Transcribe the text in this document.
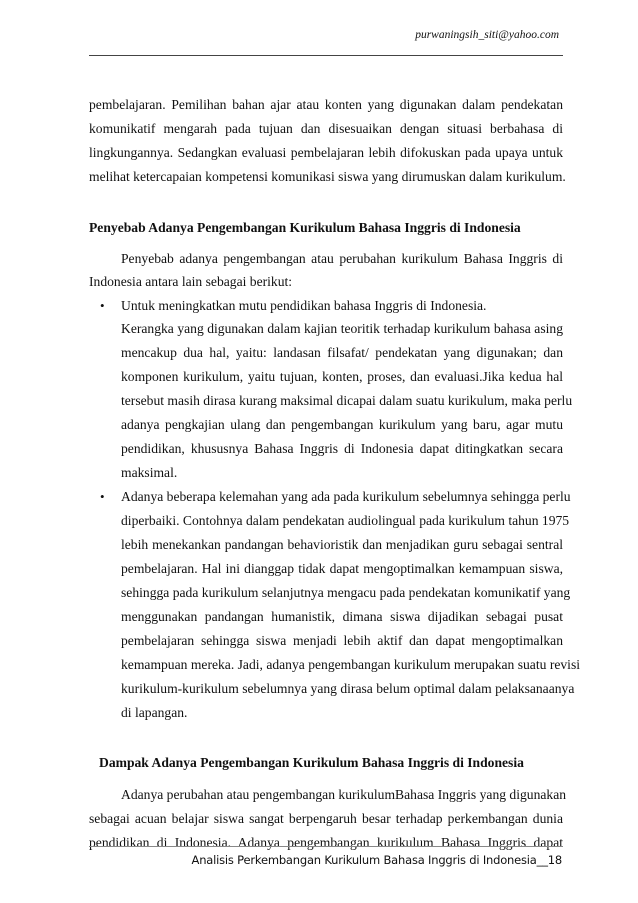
purwaningsih_siti@yahoo.com
pembelajaran. Pemilihan bahan ajar atau konten yang digunakan dalam pendekatan
komunikatif mengarah pada tujuan dan disesuaikan dengan situasi berbahasa di
lingkungannya. Sedangkan evaluasi pembelajaran lebih difokuskan pada upaya untuk
melihat ketercapaian kompetensi komunikasi siswa yang dirumuskan dalam kurikulum.
Penyebab Adanya Pengembangan Kurikulum Bahasa Inggris di Indonesia
Penyebab adanya pengembangan atau perubahan kurikulum Bahasa Inggris di
Indonesia antara lain sebagai berikut:
• Untuk meningkatkan mutu pendidikan bahasa Inggris di Indonesia.
Kerangka yang digunakan dalam kajian teoritik terhadap kurikulum bahasa asing
mencakup dua hal, yaitu: landasan filsafat/ pendekatan yang digunakan; dan
komponen kurikulum, yaitu tujuan, konten, proses, dan evaluasi.Jika kedua hal
tersebut masih dirasa kurang maksimal dicapai dalam suatu kurikulum, maka perlu
adanya pengkajian ulang dan pengembangan kurikulum yang baru, agar mutu
pendidikan, khususnya Bahasa Inggris di Indonesia dapat ditingkatkan secara
maksimal.
• Adanya beberapa kelemahan yang ada pada kurikulum sebelumnya sehingga perlu
diperbaiki. Contohnya dalam pendekatan audiolingual pada kurikulum tahun 1975
lebih menekankan pandangan behavioristik dan menjadikan guru sebagai sentral
pembelajaran. Hal ini dianggap tidak dapat mengoptimalkan kemampuan siswa,
sehingga pada kurikulum selanjutnya mengacu pada pendekatan komunikatif yang
menggunakan pandangan humanistik, dimana siswa dijadikan sebagai pusat
pembelajaran sehingga siswa menjadi lebih aktif dan dapat mengoptimalkan
kemampuan mereka. Jadi, adanya pengembangan kurikulum merupakan suatu revisi
kurikulum-kurikulum sebelumnya yang dirasa belum optimal dalam pelaksanaanya
di lapangan.
Dampak Adanya Pengembangan Kurikulum Bahasa Inggris di Indonesia
Adanya perubahan atau pengembangan kurikulumBahasa Inggris yang digunakan
sebagai acuan belajar siswa sangat berpengaruh besar terhadap perkembangan dunia
pendidikan di Indonesia. Adanya pengembangan kurikulum Bahasa Inggris dapat
Analisis Perkembangan Kurikulum Bahasa Inggris di Indonesia__18
